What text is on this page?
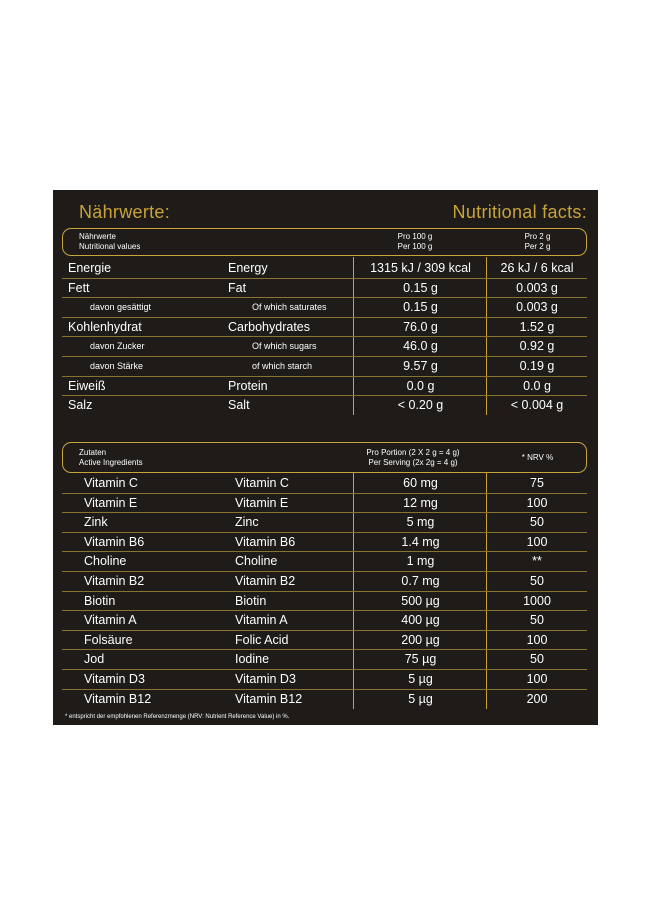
Nährwerte:	Nutritional facts:
Nährwerte
Nutritional values
Pro 100 g
Per 100 g
Pro 2 g
Per 2 g
Energie	Energy	1315 kJ / 309 kcal	26 kJ / 6 kcal
Fett	Fat	0.15 g	0.003 g
davon gesättigt	Of which saturates	0.15 g	0.003 g
Kohlenhydrat	Carbohydrates	76.0 g	1.52 g
davon Zucker	Of which sugars	46.0 g	0.92 g
davon Stärke	of which starch	9.57 g	0.19 g
Eiweiß	Protein	0.0 g	0.0 g
Salz	Salt	< 0.20 g	< 0.004 g
Zutaten
Active Ingredients
Pro Portion (2 X 2 g = 4 g)
Per Serving (2x 2g = 4 g)
* NRV %
Vitamin C	Vitamin C	60 mg	75
Vitamin E	Vitamin E	12 mg	100
Zink	Zinc	5 mg	50
Vitamin B6	Vitamin B6	1.4 mg	100
Choline	Choline	1 mg	**
Vitamin B2	Vitamin B2	0.7 mg	50
Biotin	Biotin	500 µg	1000
Vitamin A	Vitamin A	400 µg	50
Folsäure	Folic Acid	200 µg	100
Jod	Iodine	75 µg	50
Vitamin D3	Vitamin D3	5 µg	100
Vitamin B12	Vitamin B12	5 µg	200
* entspricht der empfohlenen Referenzmenge (NRV: Nutrient Reference Value) in %.
